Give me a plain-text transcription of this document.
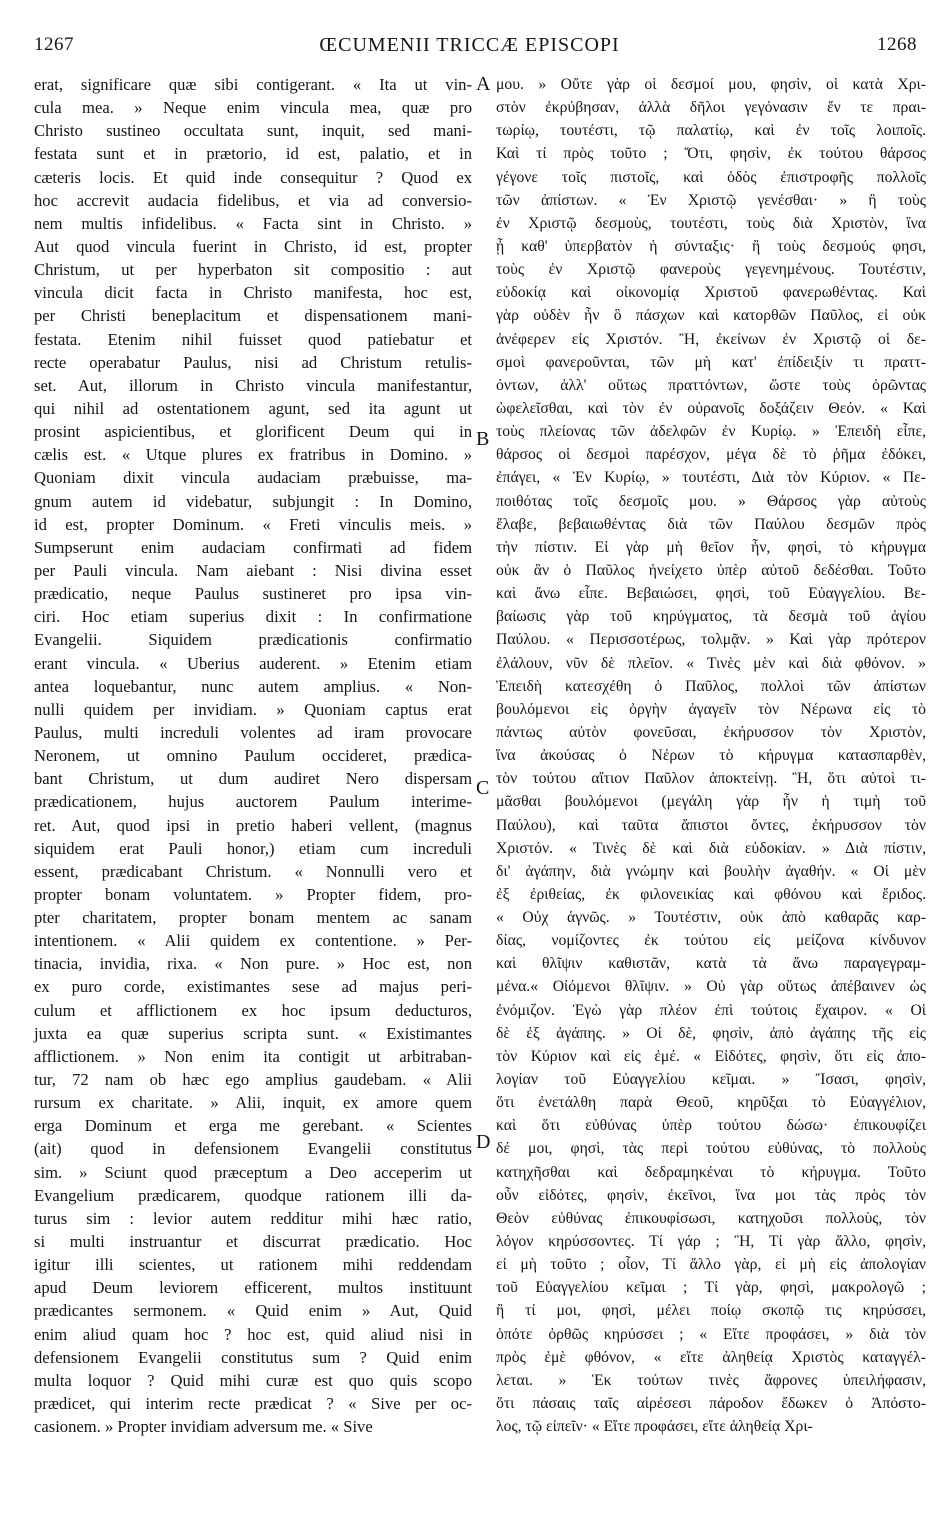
1267	ŒCUMENII TRICCÆ EPISCOPI	1268
erat, significare quæ sibi contigerant. « Ita ut vin-
cula mea. » Neque enim vincula mea, quæ pro
Christo sustineo occultata sunt, inquit, sed mani-
festata sunt et in prætorio, id est, palatio, et in
cæteris locis. Et quid inde consequitur ? Quod ex
hoc accrevit audacia fidelibus, et via ad conversio-
nem multis infidelibus. « Facta sint in Christo. »
Aut quod vincula fuerint in Christo, id est, propter
Christum, ut per hyperbaton sit compositio : aut
vincula dicit facta in Christo manifesta, hoc est,
per Christi beneplacitum et dispensationem mani-
festata. Etenim nihil fuisset quod patiebatur et
recte operabatur Paulus, nisi ad Christum retulis-
set. Aut, illorum in Christo vincula manifestantur,
qui nihil ad ostentationem agunt, sed ita agunt ut
prosint aspicientibus, et glorificent Deum qui in
cælis est. « Utque plures ex fratribus in Domino. »
Quoniam dixit vincula audaciam præbuisse, ma-
gnum autem id videbatur, subjungit : In Domino,
id est, propter Dominum. « Freti vinculis meis. »
Sumpserunt enim audaciam confirmati ad fidem
per Pauli vincula. Nam aiebant : Nisi divina esset
prædicatio, neque Paulus sustineret pro ipsa vin-
ciri. Hoc etiam superius dixit : In confirmatione
Evangelii. Siquidem prædicationis confirmatio
erant vincula. « Uberius auderent. » Etenim etiam
antea loquebantur, nunc autem amplius. « Non-
nulli quidem per invidiam. » Quoniam captus erat
Paulus, multi increduli volentes ad iram provocare
Neronem, ut omnino Paulum occideret, prædica-
bant Christum, ut dum audiret Nero dispersam
prædicationem, hujus auctorem Paulum interime-
ret. Aut, quod ipsi in pretio haberi vellent, (magnus
siquidem erat Pauli honor,) etiam cum increduli
essent, prædicabant Christum. « Nonnulli vero et
propter bonam voluntatem. » Propter fidem, pro-
pter charitatem, propter bonam mentem ac sanam
intentionem. « Alii quidem ex contentione. » Per-
tinacia, invidia, rixa. « Non pure. » Hoc est, non
ex puro corde, existimantes sese ad majus peri-
culum et afflictionem ex hoc ipsum deducturos,
juxta ea quæ superius scripta sunt. « Existimantes
afflictionem. » Non enim ita contigit ut arbitraban-
tur, 72 nam ob hæc ego amplius gaudebam. « Alii
rursum ex charitate. » Alii, inquit, ex amore quem
erga Dominum et erga me gerebant. « Scientes
(ait) quod in defensionem Evangelii constitutus
sim. » Sciunt quod præceptum a Deo acceperim ut
Evangelium prædicarem, quodque rationem illi da-
turus sim : levior autem redditur mihi hæc ratio,
si multi instruantur et discurrat prædicatio. Hoc
igitur illi scientes, ut rationem mihi reddendam
apud Deum leviorem efficerent, multos instituunt
prædicantes sermonem. « Quid enim » Aut, Quid
enim aliud quam hoc ? hoc est, quid aliud nisi in
defensionem Evangelii constitutus sum ? Quid enim
multa loquor ? Quid mihi curæ est quo quis scopo
prædicet, qui interim recte prædicat ? « Sive per oc-
casionem. » Propter invidiam adversum me. « Sive
μου. » Οὔτε γὰρ οἱ δεσμοί μου, φησὶν, οἱ κατὰ Χρι-
στὸν ἐκρύβησαν, ἀλλὰ δῆλοι γεγόνασιν ἔν τε πραι-
τωρίῳ, τουτέστι, τῷ παλατίῳ, καὶ ἐν τοῖς λοιποῖς.
Καὶ τί πρὸς τοῦτο ; Ὅτι, φησὶν, ἐκ τούτου θάρσος
γέγονε τοῖς πιστοῖς, καὶ ὁδὸς ἐπιστροφῆς πολλοῖς
τῶν ἀπίστων. « Ἐν Χριστῷ γενέσθαι· » ἢ τοὺς
ἐν Χριστῷ δεσμοὺς, τουτέστι, τοὺς διὰ Χριστὸν, ἵνα
ᾖ καθ' ὑπερβατὸν ἡ σύνταξις· ἢ τοὺς δεσμούς φησι,
τοὺς ἐν Χριστῷ φανεροὺς γεγενημένους. Τουτέστιν,
εὐδοκίᾳ καὶ οἰκονομίᾳ Χριστοῦ φανερωθέντας. Καὶ
γὰρ οὐδὲν ἦν ὃ πάσχων καὶ κατορθῶν Παῦλος, εἰ οὐκ
ἀνέφερεν εἰς Χριστόν. Ἢ, ἐκείνων ἐν Χριστῷ οἱ δε-
σμοὶ φανεροῦνται, τῶν μὴ κατ' ἐπίδειξίν τι πραττ-
όντων, ἀλλ' οὕτως πραττόντων, ὥστε τοὺς ὁρῶντας
ὠφελεῖσθαι, καὶ τὸν ἐν οὐρανοῖς δοξάζειν Θεόν. « Καὶ
τοὺς πλείονας τῶν ἀδελφῶν ἐν Κυρίῳ. » Ἐπειδὴ εἶπε,
θάρσος οἱ δεσμοὶ παρέσχον, μέγα δὲ τὸ ῥῆμα ἐδόκει,
ἐπάγει, « Ἐν Κυρίῳ, » τουτέστι, Διὰ τὸν Κύριον. « Πε-
ποιθότας τοῖς δεσμοῖς μου. » Θάρσος γὰρ αὐτοὺς
ἔλαβε, βεβαιωθέντας διὰ τῶν Παύλου δεσμῶν πρὸς
τὴν πίστιν. Εἰ γὰρ μὴ θεῖον ἦν, φησὶ, τὸ κήρυγμα
οὐκ ἂν ὁ Παῦλος ἠνείχετο ὑπὲρ αὐτοῦ δεδέσθαι. Τοῦτο
καὶ ἄνω εἶπε. Βεβαιώσει, φησὶ, τοῦ Εὐαγγελίου. Βε-
βαίωσις γὰρ τοῦ κηρύγματος, τὰ δεσμὰ τοῦ ἁγίου
Παύλου. « Περισσοτέρως, τολμᾷν. » Καὶ γὰρ πρότερον
ἐλάλουν, νῦν δὲ πλεῖον. « Τινὲς μὲν καὶ διὰ φθόνον. »
Ἐπειδὴ κατεσχέθη ὁ Παῦλος, πολλοὶ τῶν ἀπίστων
βουλόμενοι εἰς ὀργὴν ἀγαγεῖν τὸν Νέρωνα εἰς τὸ
πάντως αὐτὸν φονεῦσαι, ἐκήρυσσον τὸν Χριστὸν,
ἵνα ἀκούσας ὁ Νέρων τὸ κήρυγμα κατασπαρθὲν,
τὸν τούτου αἴτιον Παῦλον ἀποκτείνῃ. Ἢ, ὅτι αὐτοὶ τι-
μᾶσθαι βουλόμενοι (μεγάλη γὰρ ἦν ἡ τιμὴ τοῦ
Παύλου), καὶ ταῦτα ἄπιστοι ὄντες, ἐκήρυσσον τὸν
Χριστόν. « Τινὲς δὲ καὶ διὰ εὐδοκίαν. » Διὰ πίστιν,
δι' ἀγάπην, διὰ γνώμην καὶ βουλὴν ἀγαθήν. « Οἱ μὲν
ἐξ ἐριθείας, ἐκ φιλονεικίας καὶ φθόνου καὶ ἔριδος.
« Οὐχ ἁγνῶς. » Τουτέστιν, οὐκ ἀπὸ καθαρᾶς καρ-
δίας, νομίζοντες ἐκ τούτου εἰς μείζονα κίνδυνον
καὶ θλῖψιν καθιστᾶν, κατὰ τὰ ἄνω παραγεγραμ-
μένα.« Οἰόμενοι θλῖψιν. » Οὐ γὰρ οὕτως ἀπέβαινεν ὡς
ἐνόμιζον. Ἐγὼ γὰρ πλέον ἐπὶ τούτοις ἔχαιρον. « Οἱ
δὲ ἐξ ἀγάπης. » Οἱ δὲ, φησὶν, ἀπὸ ἀγάπης τῆς εἰς
τὸν Κύριον καὶ εἰς ἐμέ. « Εἰδότες, φησὶν, ὅτι εἰς ἀπο-
λογίαν τοῦ Εὐαγγελίου κεῖμαι. » Ἴσασι, φησὶν,
ὅτι ἐνετάλθη παρὰ Θεοῦ, κηρῦξαι τὸ Εὐαγγέλιον,
καὶ ὅτι εὐθύνας ὑπὲρ τούτου δώσω· ἐπικουφίζει
δέ μοι, φησὶ, τὰς περὶ τούτου εὐθύνας, τὸ πολλοὺς
κατηχῆσθαι καὶ δεδραμηκέναι τὸ κήρυγμα. Τοῦτο
οὖν εἰδότες, φησὶν, ἐκεῖνοι, ἵνα μοι τὰς πρὸς τὸν
Θεὸν εὐθύνας ἐπικουφίσωσι, κατηχοῦσι πολλοὺς, τὸν
λόγον κηρύσσοντες. Τί γάρ ; Ἢ, Τί γὰρ ἄλλο, φησὶν,
εἰ μὴ τοῦτο ; οἷον, Τί ἄλλο γὰρ, εἰ μὴ εἰς ἀπολογίαν
τοῦ Εὐαγγελίου κεῖμαι ; Τί γὰρ, φησὶ, μακρολογῶ ;
ἢ τί μοι, φησὶ, μέλει ποίῳ σκοπῷ τις κηρύσσει,
ὁπότε ὀρθῶς κηρύσσει ; « Εἴτε προφάσει, » διὰ τὸν
πρὸς ἐμὲ φθόνον, « εἴτε ἀληθείᾳ Χριστὸς καταγγέλ-
λεται. » Ἐκ τούτων τινὲς ἄφρονες ὑπειλήφασιν,
ὅτι πάσαις ταῖς αἱρέσεσι πάροδον ἔδωκεν ὁ Ἀπόστο-
λος, τῷ εἰπεῖν· « Εἴτε προφάσει, εἴτε ἀληθείᾳ Χρι-
A
B
C
D
